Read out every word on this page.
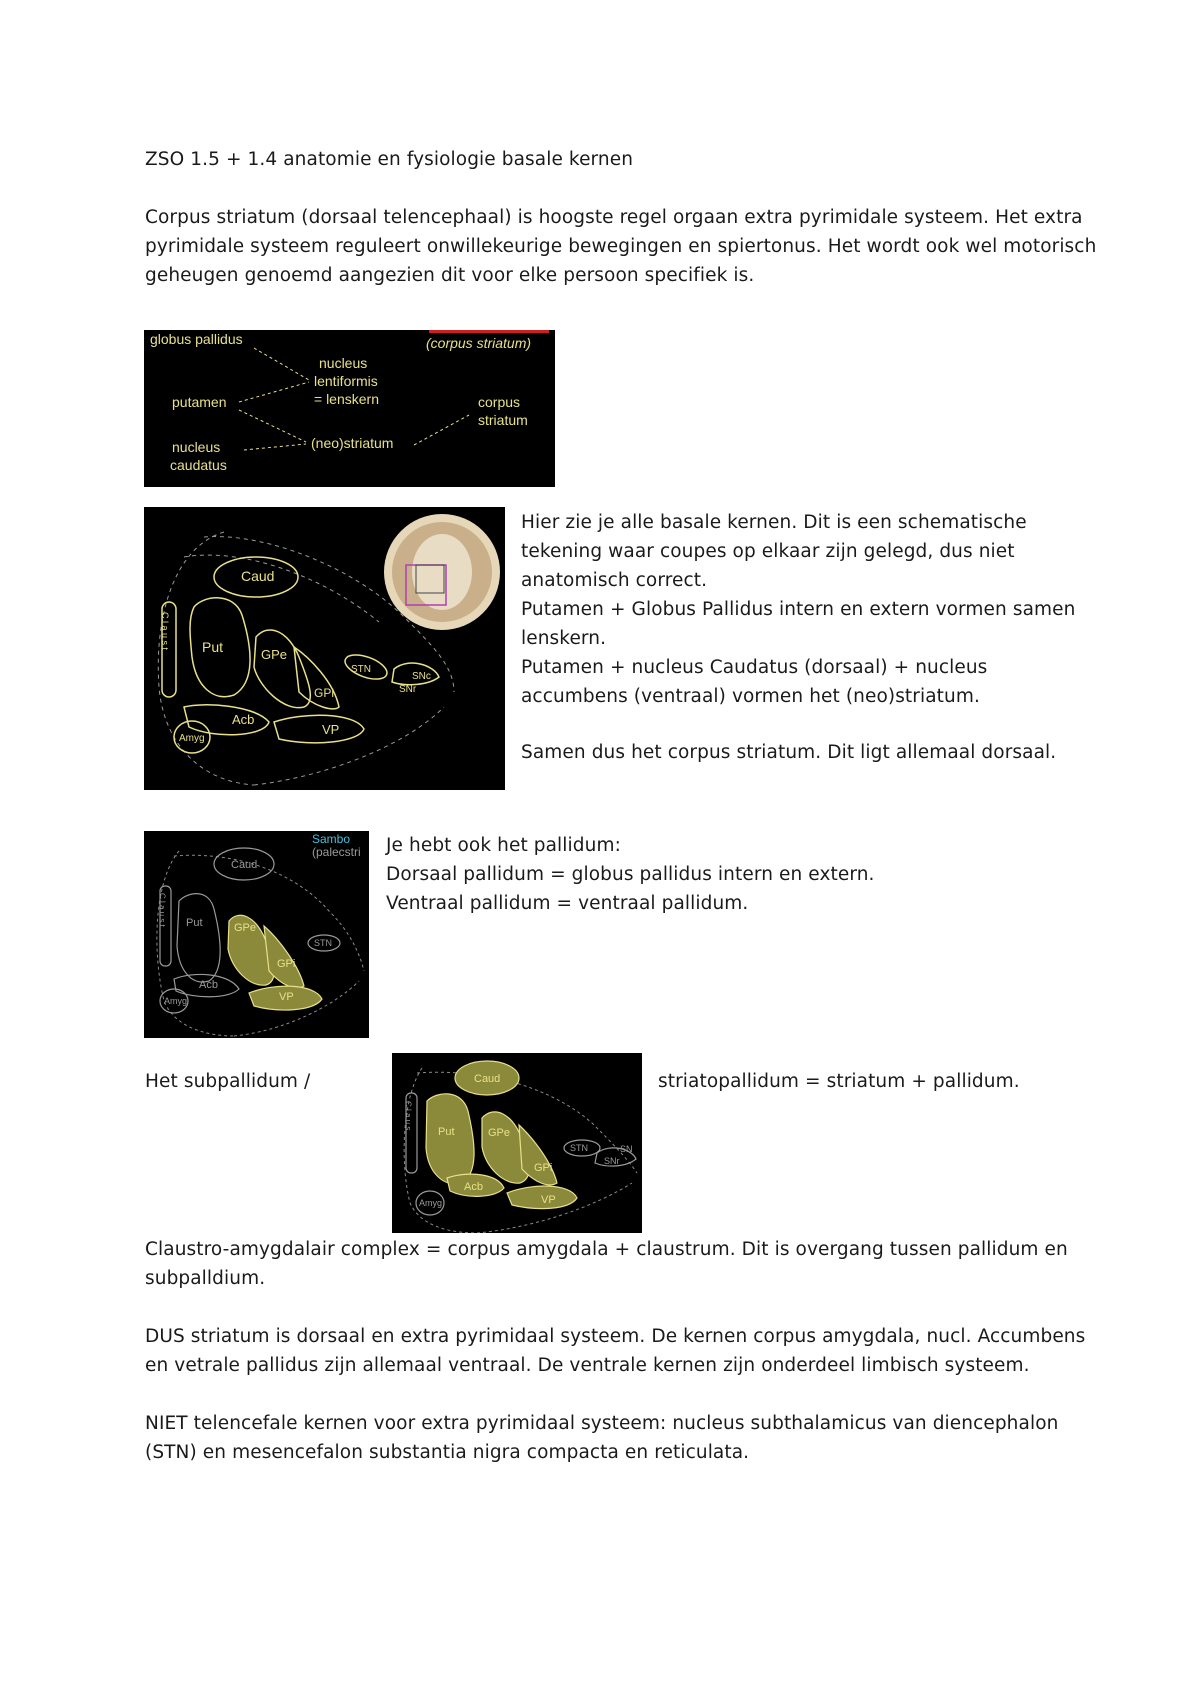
ZSO 1.5 + 1.4 anatomie en fysiologie basale kernen
Corpus striatum (dorsaal telencephaal) is hoogste regel orgaan extra pyrimidale systeem. Het extra
pyrimidale systeem reguleert onwillekeurige bewegingen en spiertonus. Het wordt ook wel motorisch
geheugen genoemd aangezien dit voor elke persoon specifiek is.
globus pallidus	(corpus striatum)
nucleus
lentiformis
= lenskern
putamen	corpus
striatum
nucleus
caudatus
(neo)striatum
Caud
C l a u s t Put	GPe
GPi
STN
SNc
SNr
Acb
VP
Amyg
Hier zie je alle basale kernen. Dit is een schematische
tekening waar coupes op elkaar zijn gelegd, dus niet
anatomisch correct.
Putamen + Globus Pallidus intern en extern vormen samen
lenskern.
Putamen + nucleus Caudatus (dorsaal) + nucleus
accumbens (ventraal) vormen het (neo)striatum.
Samen dus het corpus striatum. Dit ligt allemaal dorsaal.
Sambo
(palecstri
Caud
C l a u s t Put
STN
Acb
Amyg
GPe
GPi
VP
Je hebt ook het pallidum:
Dorsaal pallidum = globus pallidus intern en extern.
Ventraal pallidum = ventraal pallidum.
Het subpallidum /	striatopallidum = striatum + pallidum.
Caud
Put	GPe
GPi
Acb
VP
C l a u s
STN	SN
SNr
Amyg
Claustro-amygdalair complex = corpus amygdala + claustrum. Dit is overgang tussen pallidum en
subpalldium.
DUS striatum is dorsaal en extra pyrimidaal systeem. De kernen corpus amygdala, nucl. Accumbens
en vetrale pallidus zijn allemaal ventraal. De ventrale kernen zijn onderdeel limbisch systeem.
NIET telencefale kernen voor extra pyrimidaal systeem: nucleus subthalamicus van diencephalon
(STN) en mesencefalon substantia nigra compacta en reticulata.
